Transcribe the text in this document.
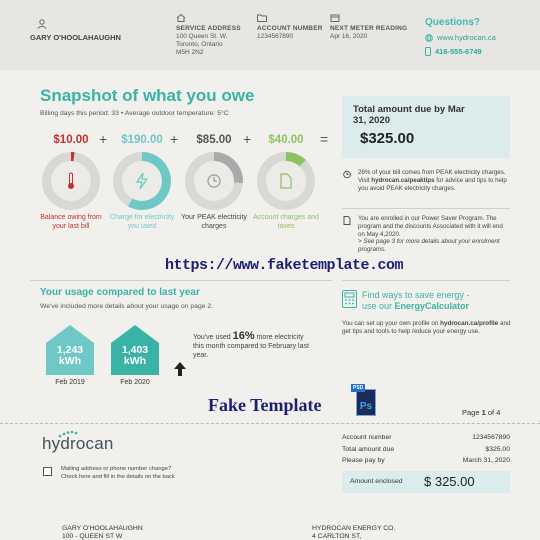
GARY O'HOOLAHAUGHN
SERVICE ADDRESS
100 Queen St. W.
Toronto, Ontario
M5H 2N2
ACCOUNT NUMBER
1234567890
NEXT METER READING
Apr 16, 2020
Questions?
www.hydrocan.ca
416-555-6749
Snapshot of what you owe
Billing days this period: 33 • Average outdoor temperature: 5°C
$10.00
Balance owing from your last bill
$190.00
Charge for electricity you used
$85.00
Your PEAK electricity charges
$40.00
Account charges and taxes
+	+	+	=
Total amount due by Mar 31, 2020
$325.00
26% of your bill comes from PEAK electricity charges. Visit hydrocan.ca/peaktips for advice and tips to help you avoid PEAK electricity charges.
You are enrolled in our Power Saver Program. The program and the discounts Associated with it will end on May 4,2020.
> See page 3 for more details about your enrolment programs.
https://www.faketemplate.com
Your usage compared to last year
We've included more details about your usage on page 2.
1,243 kWh
Feb 2019
1,403 kWh
Feb 2020
You've used 16% more electricity this month compared to February last year.
Find ways to save energy -
use our EnergyCalculator
You can set up your own profile on hydrocan.ca/profile and get tips and tools to help reduce your energy use.
Fake Template
PSD
Ps
Page 1 of 4
hydrocan
Mailing address or phone number change?
Check here and fill in the details on the back
Account number	1234567890
Total amount due	$325.00
Please pay by	March 31, 2020
Amount enclosed $ 325.00
GARY O'HOOLAHAUGHN
100 - QUEEN ST W
HYDROCAN ENERGY CO.
4 CARLTON ST,
